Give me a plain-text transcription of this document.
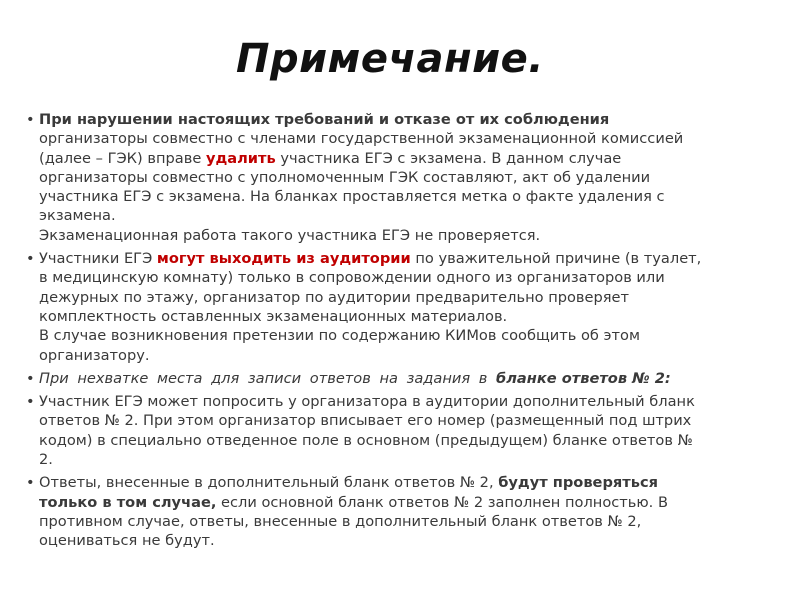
Примечание.
• При нарушении настоящих требований и отказе от их соблюдения
организаторы совместно с членами государственной экзаменационной комиссией
(далее – ГЭК) вправе удалить участника ЕГЭ с экзамена. В данном случае
организаторы совместно с уполномоченным ГЭК составляют, акт об удалении
участника ЕГЭ с экзамена. На бланках проставляется метка о факте удаления с
экзамена.
Экзаменационная работа такого участника ЕГЭ не проверяется.
• Участники ЕГЭ могут выходить из аудитории по уважительной причине (в туалет,
в медицинскую комнату) только в сопровождении одного из организаторов или
дежурных по этажу, организатор по аудитории предварительно проверяет
комплектность оставленных экзаменационных материалов.
В случае возникновения претензии по содержанию КИМов сообщить об этом
организатору.
• При нехватке места для записи ответов на задания в бланке ответов № 2:
• Участник ЕГЭ может попросить у организатора в аудитории дополнительный бланк
ответов № 2. При этом организатор вписывает его номер (размещенный под штрих
кодом) в специально отведенное поле в основном (предыдущем) бланке ответов №
2.
• Ответы, внесенные в дополнительный бланк ответов № 2, будут проверяться
только в том случае, если основной бланк ответов № 2 заполнен полностью. В
противном случае, ответы, внесенные в дополнительный бланк ответов № 2,
оцениваться не будут.
